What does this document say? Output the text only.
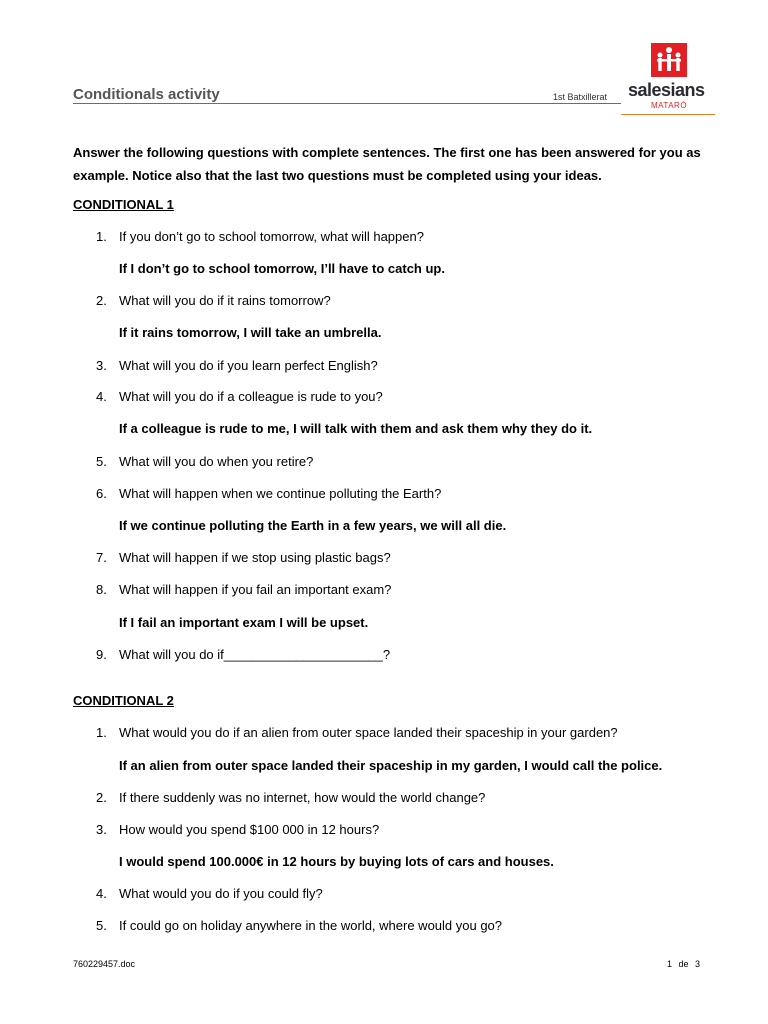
Conditionals activity	1st Batxillerat salesians
MATARÓ
Answer the following questions with complete sentences. The first one has been answered for you as example. Notice also that the last two questions must be completed using your ideas.
CONDITIONAL 1
1. If you don’t go to school tomorrow, what will happen?
If I don’t go to school tomorrow, I’ll have to catch up.
2. What will you do if it rains tomorrow?
If it rains tomorrow, I will take an umbrella.
3. What will you do if you learn perfect English?
4. What will you do if a colleague is rude to you?
If a colleague is rude to me, I will talk with them and ask them why they do it.
5. What will you do when you retire?
6. What will happen when we continue polluting the Earth?
If we continue polluting the Earth in a few years, we will all die.
7. What will happen if we stop using plastic bags?
8. What will happen if you fail an important exam?
If I fail an important exam I will be upset.
9. What will you do if______________________?
CONDITIONAL 2
1. What would you do if an alien from outer space landed their spaceship in your garden?
If an alien from outer space landed their spaceship in my garden, I would call the police.
2. If there suddenly was no internet, how would the world change?
3. How would you spend $100 000 in 12 hours?
I would spend 100.000€ in 12 hours by buying lots of cars and houses.
4. What would you do if you could fly?
5. If could go on holiday anywhere in the world, where would you go?
760229457.doc	1 de 3
